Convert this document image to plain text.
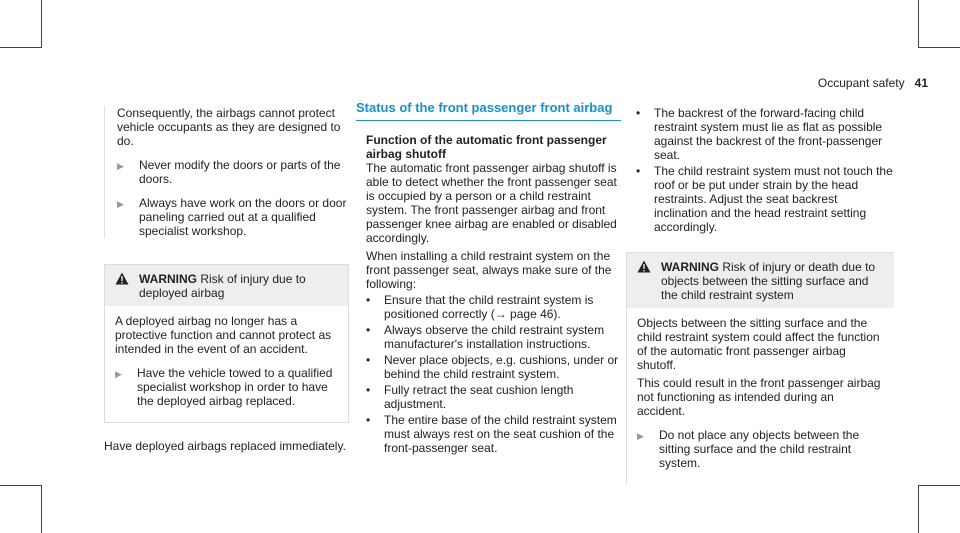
Occupant safety 41

Consequently, the airbags cannot protect vehicle occupants as they are designed to do.

▶ Never modify the doors or parts of the doors.
▶ Always have work on the doors or door paneling carried out at a qualified specialist workshop.
WARNING Risk of injury due to deployed airbag

A deployed airbag no longer has a protective function and cannot protect as intended in the event of an accident.

▶ Have the vehicle towed to a qualified specialist workshop in order to have the deployed airbag replaced.

Have deployed airbags replaced immediately.

Status of the front passenger front airbag

Function of the automatic front passenger airbag shutoff

The automatic front passenger airbag shutoff is able to detect whether the front passenger seat is occupied by a person or a child restraint system. The front passenger airbag and front passenger knee airbag are enabled or disabled accordingly.

When installing a child restraint system on the front passenger seat, always make sure of the following:

•	Ensure that the child restraint system is positioned correctly (→ page 46).
•	Always observe the child restraint system manufacturer's installation instructions.
•	Never place objects, e.g. cushions, under or behind the child restraint system.
•	Fully retract the seat cushion length adjustment.
•	The entire base of the child restraint system must always rest on the seat cushion of the front-passenger seat.
•	The backrest of the forward-facing child restraint system must lie as flat as possible against the backrest of the front-passenger seat.
•	The child restraint system must not touch the roof or be put under strain by the head restraints. Adjust the seat backrest inclination and the head restraint setting accordingly.
WARNING Risk of injury or death due to objects between the sitting surface and the child restraint system

Objects between the sitting surface and the child restraint system could affect the function of the automatic front passenger airbag shutoff.

This could result in the front passenger airbag not functioning as intended during an accident.

▶ Do not place any objects between the sitting surface and the child restraint system.
